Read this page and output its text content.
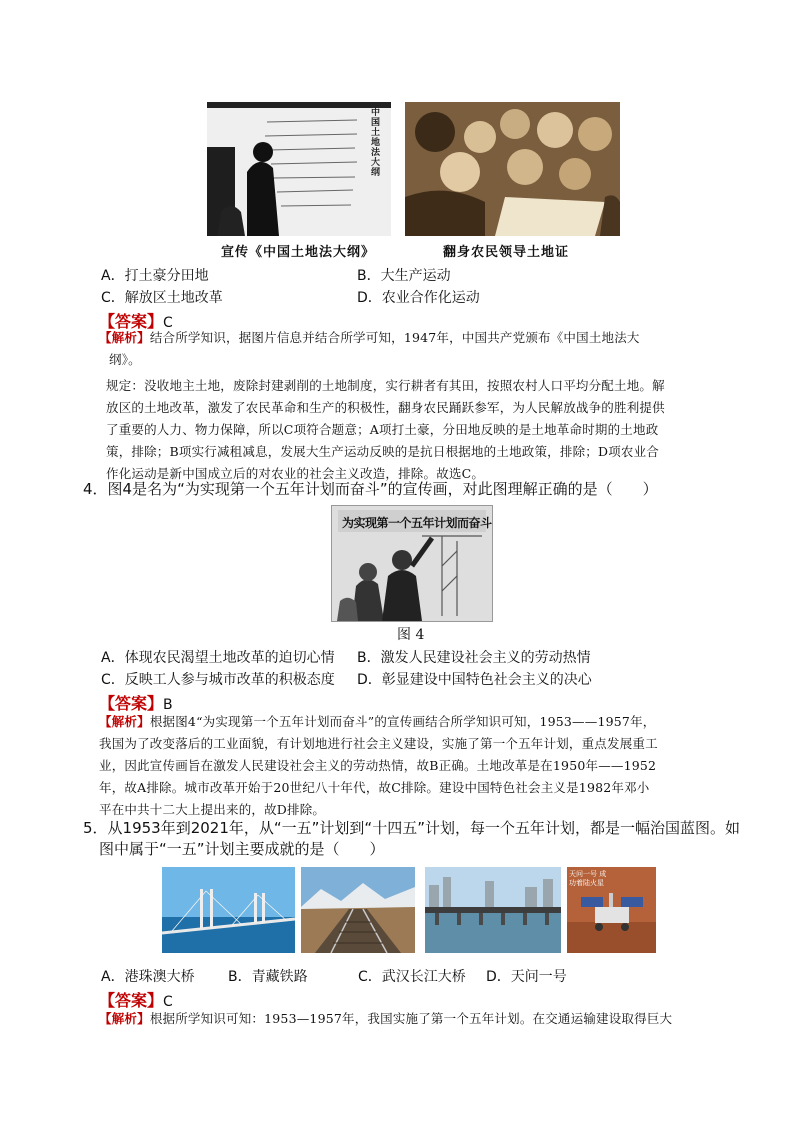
中国土地法大纲
宣传《中国土地法大纲》	翻身农民领导土地证
A．打土豪分田地	B．大生产运动
C．解放区土地改革	D．农业合作化运动
【答案】C
【解析】结合所学知识，据图片信息并结合所学可知，1947年，中国共产党颁布《中国土地法大
纲》。
规定：没收地主土地，废除封建剥削的土地制度，实行耕者有其田，按照农村人口平均分配土地。解
放区的土地改革，激发了农民革命和生产的积极性，翻身农民踊跃参军，为人民解放战争的胜利提供
了重要的人力、物力保障，所以C项符合题意；A项打土豪，分田地反映的是土地革命时期的土地政
策，排除；B项实行减租减息，发展大生产运动反映的是抗日根据地的土地政策，排除；D项农业合
作化运动是新中国成立后的对农业的社会主义改造，排除。故选C。
4．图4是名为“为实现第一个五年计划而奋斗”的宣传画，对此图理解正确的是（　　）
为实现第一个五年计划而奋斗
图 4
A．体现农民渴望土地改革的迫切心情 B．激发人民建设社会主义的劳动热情
C．反映工人参与城市改革的积极态度 D．彰显建设中国特色社会主义的决心
【答案】B
【解析】根据图4“为实现第一个五年计划而奋斗”的宣传画结合所学知识可知，1953——1957年，
我国为了改变落后的工业面貌，有计划地进行社会主义建设，实施了第一个五年计划，重点发展重工
业，因此宣传画旨在激发人民建设社会主义的劳动热情，故B正确。土地改革是在1950年——1952
年，故A排除。城市改革开始于20世纪八十年代，故C排除。建设中国特色社会主义是1982年邓小
平在中共十二大上提出来的，故D排除。
5．从1953年到2021年，从“一五”计划到“十四五”计划，每一个五年计划，都是一幅治国蓝图。如
图中属于“一五”计划主要成就的是（　　）
天问一号 成功着陆火星
A．港珠澳大桥 B．青藏铁路	C．武汉长江大桥 D．天问一号
【答案】C
【解析】根据所学知识可知：1953—1957年，我国实施了第一个五年计划。在交通运输建设取得巨大
